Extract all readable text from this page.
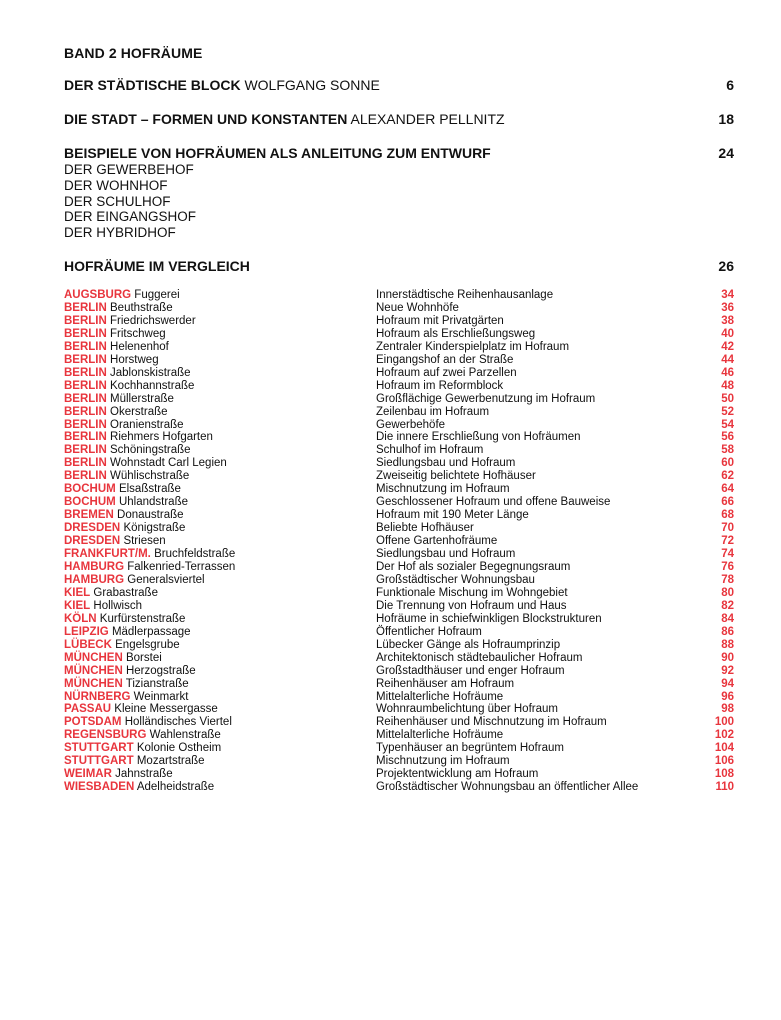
BAND 2 HOFRÄUME
DER STÄDTISCHE BLOCK WOLFGANG SONNE	6
DIE STADT – FORMEN UND KONSTANTEN ALEXANDER PELLNITZ	18
BEISPIELE VON HOFRÄUMEN ALS ANLEITUNG ZUM ENTWURF	24
DER GEWERBEHOF
DER WOHNHOF
DER SCHULHOF
DER EINGANGSHOF
DER HYBRIDHOF
HOFRÄUME IM VERGLEICH	26
AUGSBURG Fuggerei	Innerstädtische Reihenhausanlage	34
BERLIN Beuthstraße	Neue Wohnhöfe	36
BERLIN Friedrichswerder	Hofraum mit Privatgärten	38
BERLIN Fritschweg	Hofraum als Erschließungsweg	40
BERLIN Helenenhof	Zentraler Kinderspielplatz im Hofraum	42
BERLIN Horstweg	Eingangshof an der Straße	44
BERLIN Jablonskistraße	Hofraum auf zwei Parzellen	46
BERLIN Kochhannstraße	Hofraum im Reformblock	48
BERLIN Müllerstraße	Großflächige Gewerbenutzung im Hofraum	50
BERLIN Okerstraße	Zeilenbau im Hofraum	52
BERLIN Oranienstraße	Gewerbehöfe	54
BERLIN Riehmers Hofgarten	Die innere Erschließung von Hofräumen	56
BERLIN Schöningstraße	Schulhof im Hofraum	58
BERLIN Wohnstadt Carl Legien	Siedlungsbau und Hofraum	60
BERLIN Wühlischstraße	Zweiseitig belichtete Hofhäuser	62
BOCHUM Elsaßstraße	Mischnutzung im Hofraum	64
BOCHUM Uhlandstraße	Geschlossener Hofraum und offene Bauweise	66
BREMEN Donaustraße	Hofraum mit 190 Meter Länge	68
DRESDEN Königstraße	Beliebte Hofhäuser	70
DRESDEN Striesen	Offene Gartenhofräume	72
FRANKFURT/M. Bruchfeldstraße	Siedlungsbau und Hofraum	74
HAMBURG Falkenried-Terrassen	Der Hof als sozialer Begegnungsraum	76
HAMBURG Generalsviertel	Großstädtischer Wohnungsbau	78
KIEL Grabastraße	Funktionale Mischung im Wohngebiet	80
KIEL Hollwisch	Die Trennung von Hofraum und Haus	82
KÖLN Kurfürstenstraße	Hofräume in schiefwinkligen Blockstrukturen	84
LEIPZIG Mädlerpassage	Öffentlicher Hofraum	86
LÜBECK Engelsgrube	Lübecker Gänge als Hofraumprinzip	88
MÜNCHEN Borstei	Architektonisch städtebaulicher Hofraum	90
MÜNCHEN Herzogstraße	Großstadthäuser und enger Hofraum	92
MÜNCHEN Tizianstraße	Reihenhäuser am Hofraum	94
NÜRNBERG Weinmarkt	Mittelalterliche Hofräume	96
PASSAU Kleine Messergasse	Wohnraumbelichtung über Hofraum	98
POTSDAM Holländisches Viertel	Reihenhäuser und Mischnutzung im Hofraum	100
REGENSBURG Wahlenstraße	Mittelalterliche Hofräume	102
STUTTGART Kolonie Ostheim	Typenhäuser an begrüntem Hofraum	104
STUTTGART Mozartstraße	Mischnutzung im Hofraum	106
WEIMAR Jahnstraße	Projektentwicklung am Hofraum	108
WIESBADEN Adelheidstraße	Großstädtischer Wohnungsbau an öffentlicher Allee	110
